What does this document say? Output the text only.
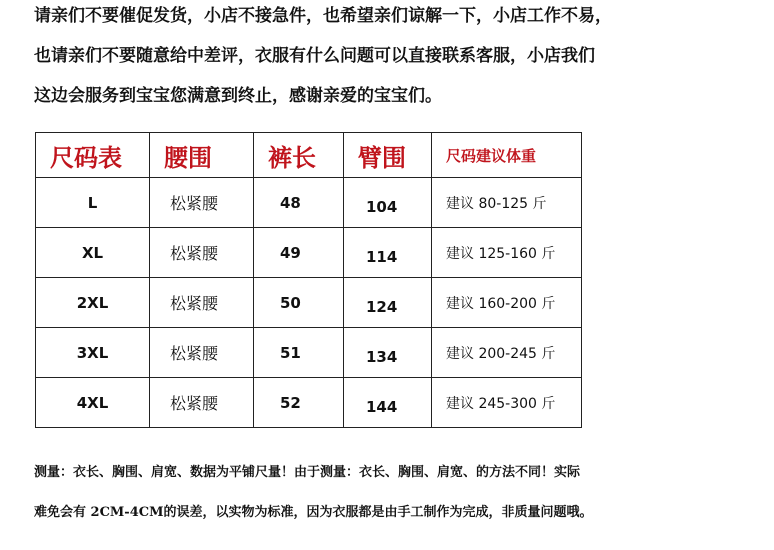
请亲们不要催促发货，小店不接急件，也希望亲们谅解一下，小店工作不易，

也请亲们不要随意给中差评，衣服有什么问题可以直接联系客服，小店我们

这边会服务到宝宝您满意到终止，感谢亲爱的宝宝们。

尺码表	腰围	裤长	臂围	尺码建议体重
L	松紧腰	48	104	建议 80-125 斤
XL	松紧腰	49	114	建议 125-160 斤
2XL	松紧腰	50	124	建议 160-200 斤
3XL	松紧腰	51	134	建议 200-245 斤
4XL	松紧腰	52	144	建议 245-300 斤

测量：衣长、胸围、肩宽、数据为平铺尺量！由于测量：衣长、胸围、肩宽、的方法不同！实际

难免会有 2CM-4CM的误差，以实物为标准，因为衣服都是由手工制作为完成，非质量问题哦。
